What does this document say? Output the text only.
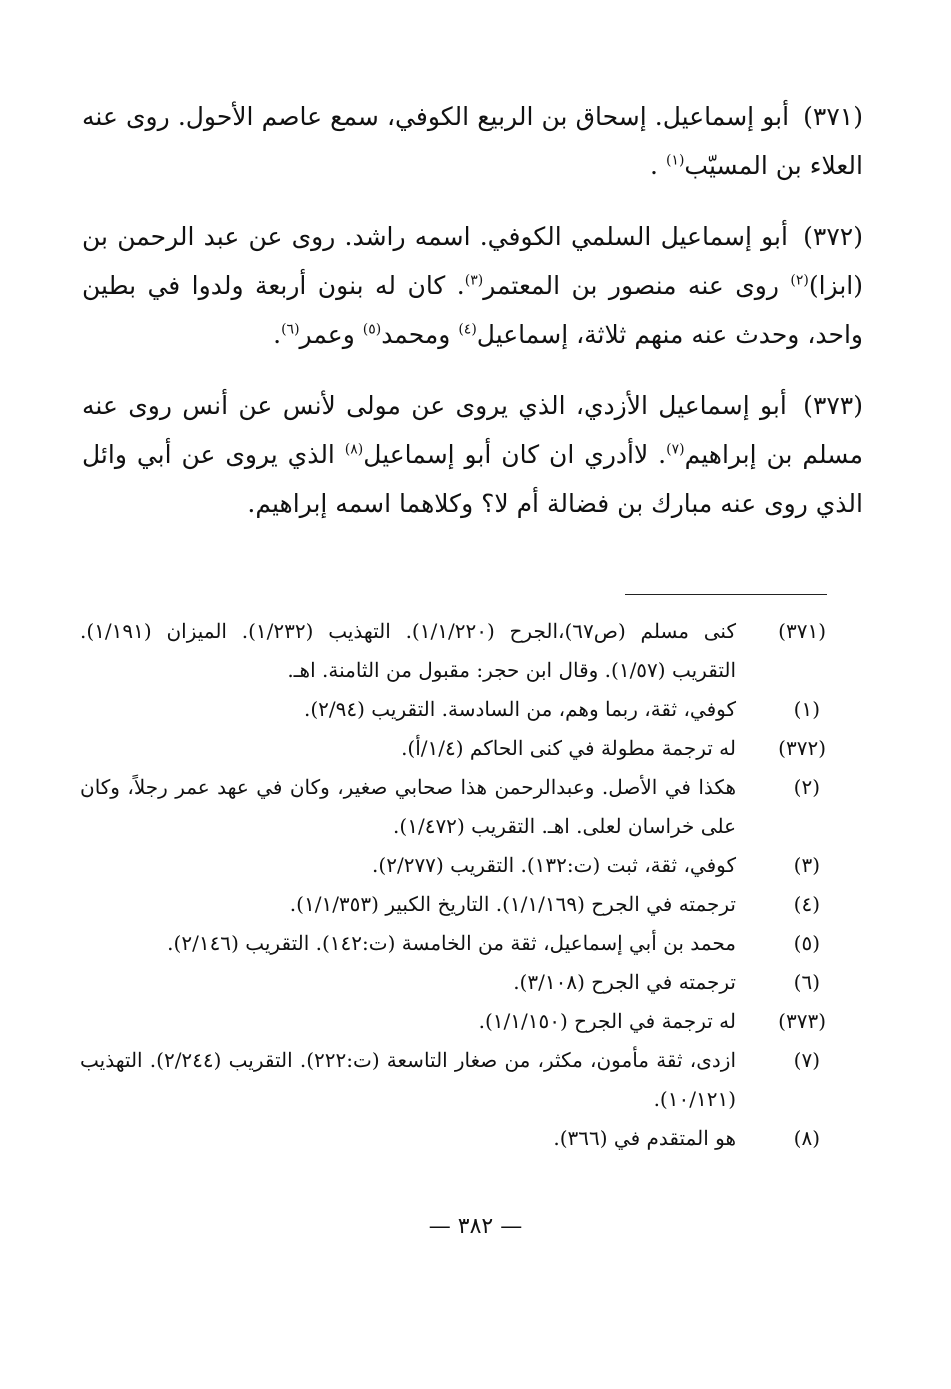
(٣٧١) أبو إسماعيل. إسحاق بن الربيع الكوفي، سمع عاصم الأحول. روى عنه العلاء بن المسيّب$^{(١)}$ .

(٣٧٢) أبو إسماعيل السلمي الكوفي. اسمه راشد. روى عن عبد الرحمن بن (ابزا)$^{(٢)}$ روى عنه منصور بن المعتمر$^{(٣)}$. كان له بنون أربعة ولدوا في بطين واحد، وحدث عنه منهم ثلاثة، إسماعيل$^{(٤)}$ ومحمد$^{(٥)}$ وعمر$^{(٦)}$.

(٣٧٣) أبو إسماعيل الأزدي، الذي يروى عن مولى لأنس عن أنس روى عنه مسلم بن إبراهيم$^{(٧)}$. لاأدري ان كان أبو إسماعيل$^{(٨)}$ الذي يروى عن أبي وائل الذي روى عنه مبارك بن فضالة أم لا؟ وكلاهما اسمه إبراهيم.

(٣٧١)
كنى مسلم (ص٦٧)،الجرح (١/١/٢٢٠). التهذيب (١/٢٣٢). الميزان (١/١٩١). التقريب (١/٥٧). وقال ابن حجر: مقبول من الثامنة. اهـ.
(١)
كوفي، ثقة، ربما وهم، من السادسة. التقريب (٢/٩٤).
(٣٧٢)
له ترجمة مطولة في كنى الحاكم (١/٤/أ).
(٢)
هكذا في الأصل. وعبدالرحمن هذا صحابي صغير، وكان في عهد عمر رجلاً، وكان على خراسان لعلى. اهـ. التقريب (١/٤٧٢).
(٣)
كوفي، ثقة، ثبت (ت:١٣٢). التقريب (٢/٢٧٧).
(٤)
ترجمته في الجرح (١/١/١٦٩). التاريخ الكبير (١/١/٣٥٣).
(٥)
محمد بن أبي إسماعيل، ثقة من الخامسة (ت:١٤٢). التقريب (٢/١٤٦).
(٦)
ترجمته في الجرح (٣/١٠٨).
(٣٧٣)
له ترجمة في الجرح (١/١/١٥٠).
(٧)
ازدى، ثقة مأمون، مكثر، من صغار التاسعة (ت:٢٢٢). التقريب (٢/٢٤٤). التهذيب (١٠/١٢١).
(٨)
هو المتقدم في (٣٦٦).
— ٣٨٢ —
